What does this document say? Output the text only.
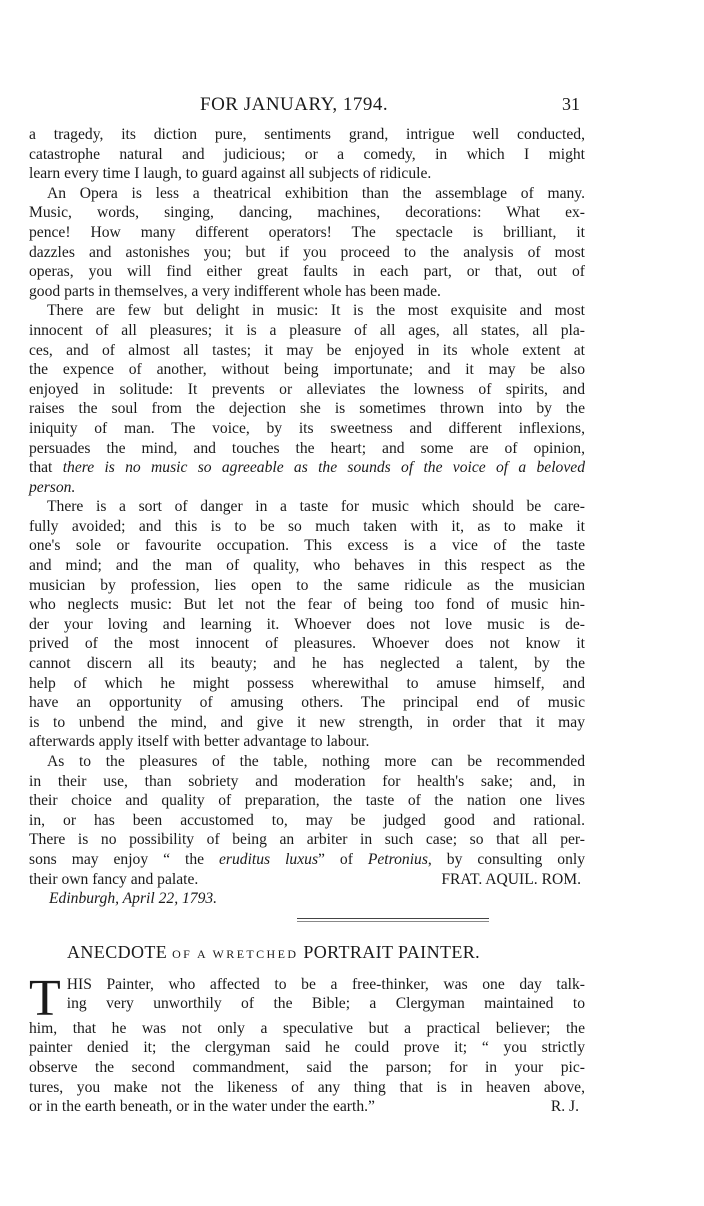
FOR JANUARY, 1794.	31

a tragedy, its diction pure, sentiments grand, intrigue well conducted,
catastrophe natural and judicious; or a comedy, in which I might
learn every time I laugh, to guard against all subjects of ridicule.

An Opera is less a theatrical exhibition than the assemblage of many.
Music, words, singing, dancing, machines, decorations: What ex-
pence! How many different operators! The spectacle is brilliant, it
dazzles and astonishes you; but if you proceed to the analysis of most
operas, you will find either great faults in each part, or that, out of
good parts in themselves, a very indifferent whole has been made.

There are few but delight in music: It is the most exquisite and most
innocent of all pleasures; it is a pleasure of all ages, all states, all pla-
ces, and of almost all tastes; it may be enjoyed in its whole extent at
the expence of another, without being importunate; and it may be also
enjoyed in solitude: It prevents or alleviates the lowness of spirits, and
raises the soul from the dejection she is sometimes thrown into by the
iniquity of man. The voice, by its sweetness and different inflexions,
persuades the mind, and touches the heart; and some are of opinion,
that there is no music so agreeable as the sounds of the voice of a beloved
person.

There is a sort of danger in a taste for music which should be care-
fully avoided; and this is to be so much taken with it, as to make it
one's sole or favourite occupation. This excess is a vice of the taste
and mind; and the man of quality, who behaves in this respect as the
musician by profession, lies open to the same ridicule as the musician
who neglects music: But let not the fear of being too fond of music hin-
der your loving and learning it. Whoever does not love music is de-
prived of the most innocent of pleasures. Whoever does not know it
cannot discern all its beauty; and he has neglected a talent, by the
help of which he might possess wherewithal to amuse himself, and
have an opportunity of amusing others. The principal end of music
is to unbend the mind, and give it new strength, in order that it may
afterwards apply itself with better advantage to labour.

As to the pleasures of the table, nothing more can be recommended
in their use, than sobriety and moderation for health's sake; and, in
their choice and quality of preparation, the taste of the nation one lives
in, or has been accustomed to, may be judged good and rational.
There is no possibility of being an arbiter in such case; so that all per-
sons may enjoy “ the eruditus luxus” of Petronius, by consulting only
their own fancy and palate.	FRAT. AQUIL. ROM.
Edinburgh, April 22, 1793.

ANECDOTE OF A WRETCHED PORTRAIT PAINTER.
T HIS Painter, who affected to be a free-thinker, was one day talk-
ing very unworthily of the Bible; a Clergyman maintained to
him, that he was not only a speculative but a practical believer; the
painter denied it; the clergyman said he could prove it; “ you strictly
observe the second commandment, said the parson; for in your pic-
tures, you make not the likeness of any thing that is in heaven above,
or in the earth beneath, or in the water under the earth.”	R. J.
